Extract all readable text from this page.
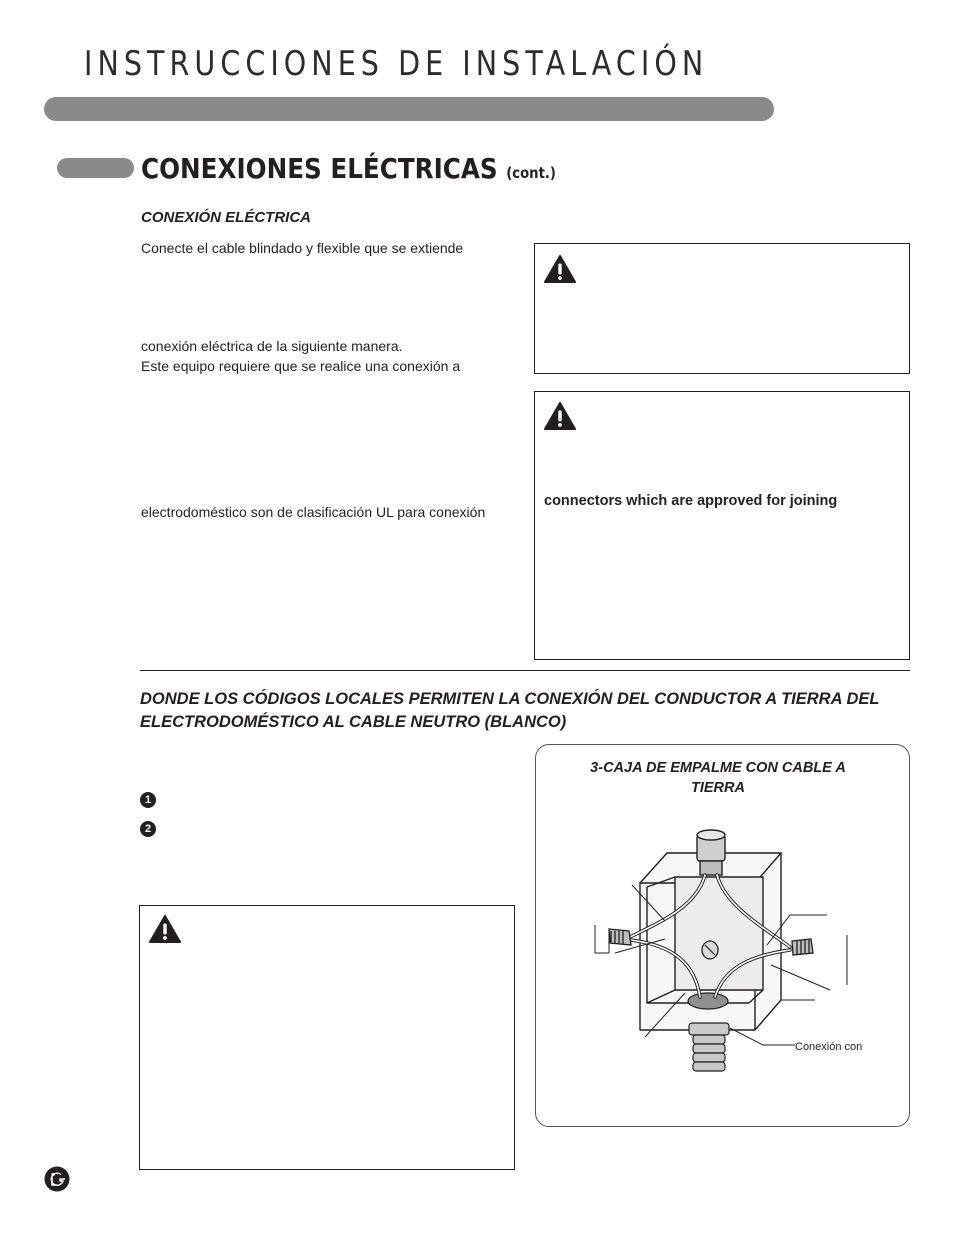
INSTRUCCIONES DE INSTALACIÓN
CONEXIONES ELÉCTRICAS (cont.)
CONEXIÓN ELÉCTRICA
Conecte el cable blindado y flexible que se extiende
conexión eléctrica de la siguiente manera.
Este equipo requiere que se realice una conexión a
electrodoméstico son de clasificación UL para conexión
connectors which are approved for joining
DONDE LOS CÓDIGOS LOCALES PERMITEN LA CONEXIÓN DEL CONDUCTOR A TIERRA DEL ELECTRODOMÉSTICO AL CABLE NEUTRO (BLANCO)
1
2
3-CAJA DE EMPALME CON CABLE A TIERRA
Conexión con
